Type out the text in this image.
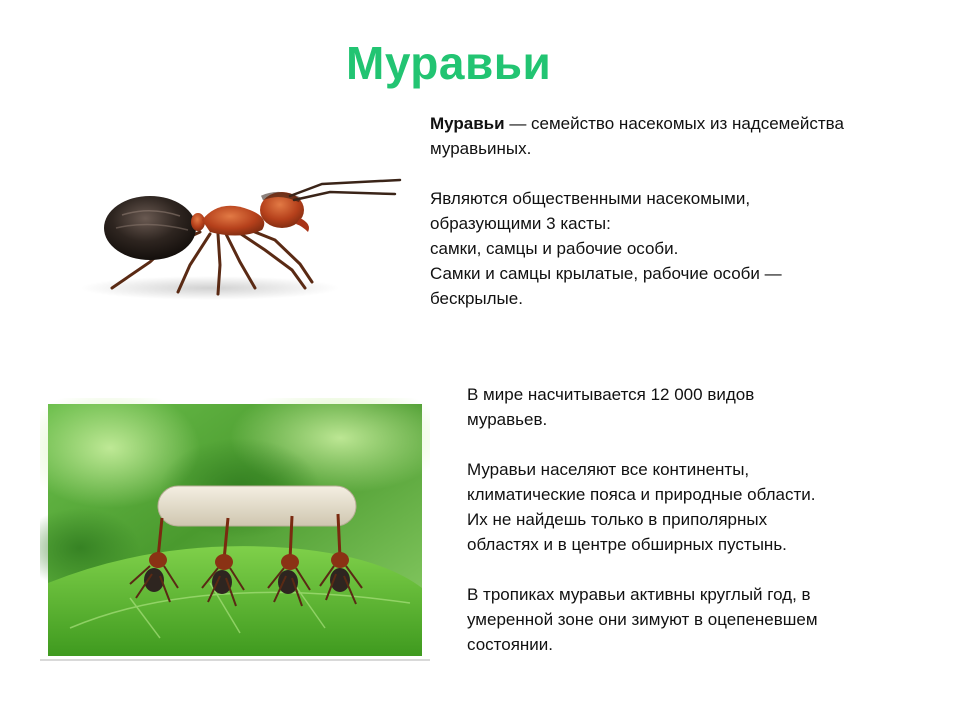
Муравьи

Муравьи — семейство насекомых из надсемейства муравьиных.

Являются общественными насекомыми,

образующими 3 касты:

самки, самцы и рабочие особи.

Самки и самцы крылатые, рабочие особи —

бескрылые.

В мире насчитывается 12 000 видов

муравьев.

Муравьи населяют все континенты,

климатические пояса и природные области.

Их не найдешь только в приполярных

областях и в центре обширных пустынь.

В тропиках муравьи активны круглый год, в

умеренной зоне они зимуют в оцепеневшем

состоянии.
